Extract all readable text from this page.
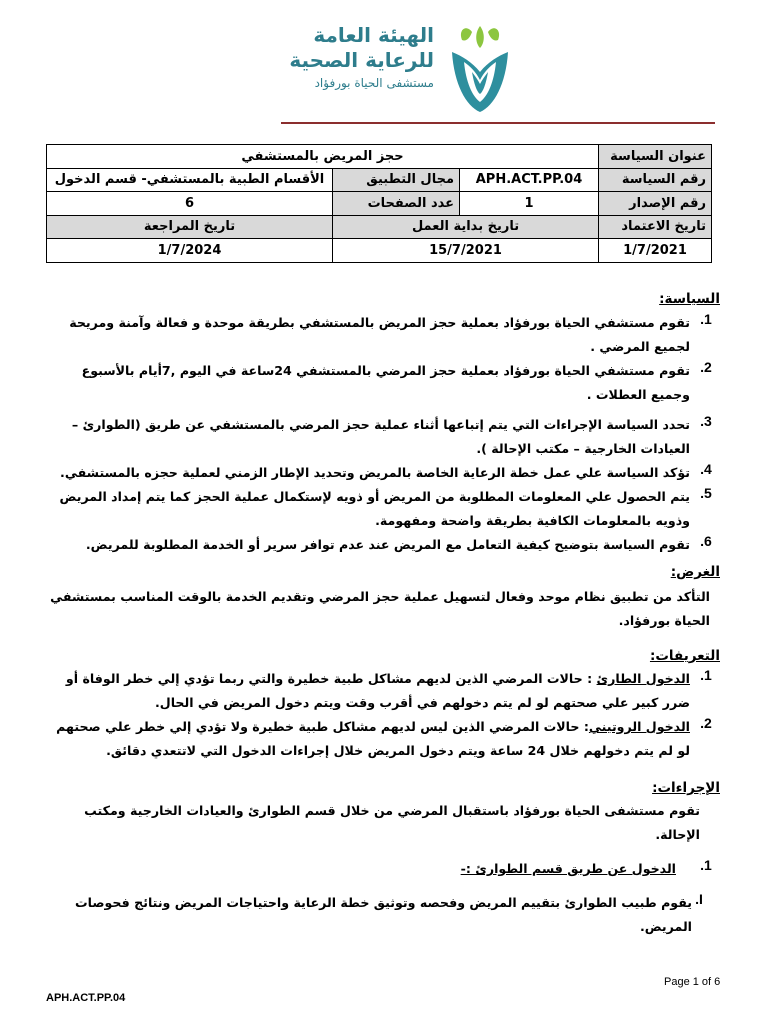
الهيئة العامة
للرعاية الصحية
مستشفى الحياة بورفؤاد
عنوان السياسة	حجز المريض بالمستشفي		
رقم السياسة	APH.ACT.PP.04	مجال التطبيق	الأقسام الطبية بالمستشفي- قسم الدخول
رقم الإصدار	1	عدد الصفحات	6
تاريخ الاعتماد	تاريخ بداية العمل		تاريخ المراجعة
1/7/2021	15/7/2021		1/7/2024
السياسة:
1.
تقوم مستشفي الحياة بورفؤاد بعملية حجز المريض بالمستشفي بطريقة موحدة و فعالة وآمنة ومريحة لجميع المرضي .
2.
تقوم مستشفي الحياة بورفؤاد بعملية حجز المرضي بالمستشفي 24ساعة في اليوم ,7أيام بالأسبوع وجميع العطلات .
3.
تحدد السياسة الإجراءات التي يتم إتباعها أثناء عملية حجز المرضي بالمستشفي عن طريق (الطوارئ – العيادات الخارجية – مكتب الإحالة ).
4.
تؤكد السياسة علي عمل خطة الرعاية الخاصة بالمريض وتحديد الإطار الزمني لعملية حجزه بالمستشفي.
5.
يتم الحصول علي المعلومات المطلوبة من المريض أو ذويه لإستكمال عملية الحجز كما يتم إمداد المريض وذويه بالمعلومات الكافية بطريقة واضحة ومفهومة.
6.
تقوم السياسة بتوضيح كيفية التعامل مع المريض عند عدم توافر سرير أو الخدمة المطلوبة للمريض.
الغرض:
التأكد من تطبيق نظام موحد وفعال لتسهيل عملية حجز المرضي وتقديم الخدمة بالوقت المناسب بمستشفي الحياة بورفؤاد.
التعريفات:
1.
الدخول الطارئ : حالات المرضي الذين لديهم مشاكل طبية خطيرة والتي ربما تؤدي إلي خطر الوفاة أو ضرر كبير علي صحتهم لو لم يتم دخولهم في أقرب وقت ويتم دخول المريض في الحال.
2.
الدخول الروتيني: حالات المرضي الذين ليس لديهم مشاكل طبية خطيرة ولا تؤدي إلي خطر علي صحتهم لو لم يتم دخولهم خلال 24 ساعة ويتم دخول المريض خلال إجراءات الدخول التي لاتتعدي دقائق.
الإجراءات:
تقوم مستشفى الحياة بورفؤاد باستقبال المرضي من خلال قسم الطوارئ والعيادات الخارجية ومكتب الإحالة.
1.
الدخول عن طريق قسم الطوارئ :-
I.
يقوم طبيب الطوارئ بتقييم المريض وفحصه وتوثيق خطة الرعاية واحتياجات المريض ونتائج فحوصات المريض.
Page 1 of 6
APH.ACT.PP.04
